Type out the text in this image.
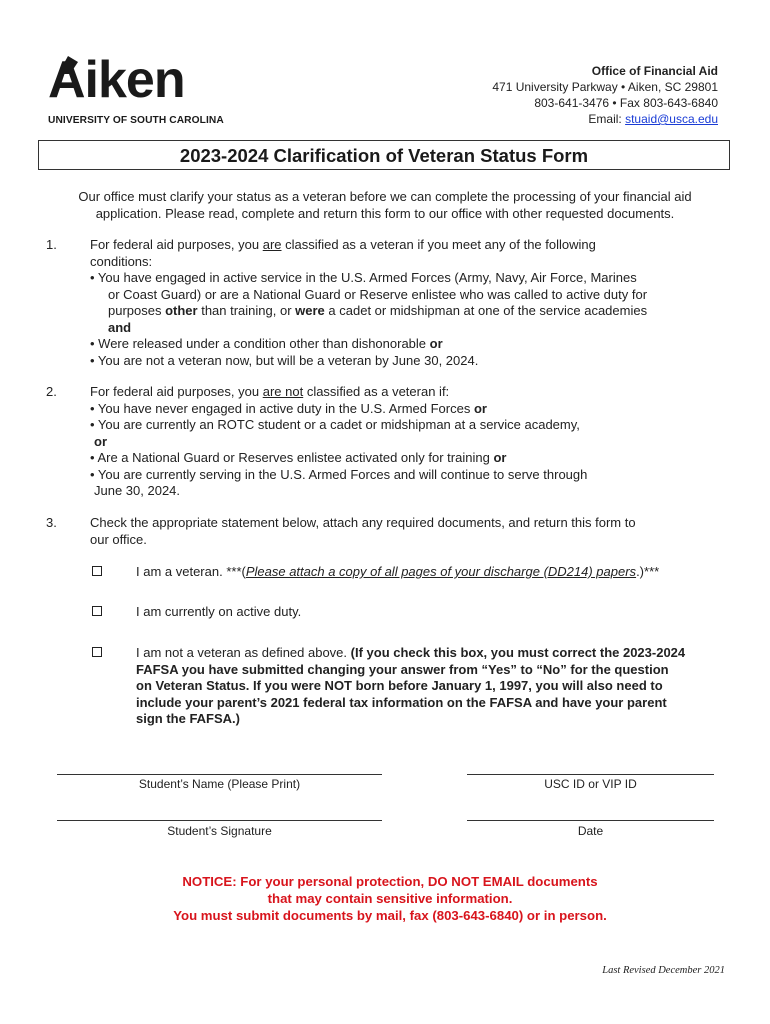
Aiken
UNIVERSITY OF SOUTH CAROLINA
Office of Financial Aid
471 University Parkway • Aiken, SC 29801
803-641-3476 • Fax 803-643-6840
Email: stuaid@usca.edu
2023-2024 Clarification of Veteran Status Form
Our office must clarify your status as a veteran before we can complete the processing of your financial aid application. Please read, complete and return this form to our office with other requested documents.
1.	For federal aid purposes, you are classified as a veteran if you meet any of the following
conditions:
• You have engaged in active service in the U.S. Armed Forces (Army, Navy, Air Force, Marines
or Coast Guard) or are a National Guard or Reserve enlistee who was called to active duty for
purposes other than training, or were a cadet or midshipman at one of the service academies
and
• Were released under a condition other than dishonorable or
• You are not a veteran now, but will be a veteran by June 30, 2024.
2.	For federal aid purposes, you are not classified as a veteran if:
• You have never engaged in active duty in the U.S. Armed Forces or
• You are currently an ROTC student or a cadet or midshipman at a service academy,
or
• Are a National Guard or Reserves enlistee activated only for training or
• You are currently serving in the U.S. Armed Forces and will continue to serve through
June 30, 2024.
3.	Check the appropriate statement below, attach any required documents, and return this form to
our office.
I am a veteran. ***(Please attach a copy of all pages of your discharge (DD214) papers.)***
I am currently on active duty.
I am not a veteran as defined above. (If you check this box, you must correct the 2023-2024
FAFSA you have submitted changing your answer from “Yes” to “No” for the question
on Veteran Status. If you were NOT born before January 1, 1997, you will also need to
include your parent’s 2021 federal tax information on the FAFSA and have your parent
sign the FAFSA.)
Student’s Name (Please Print)	USC ID or VIP ID
Student’s Signature	Date
NOTICE: For your personal protection, DO NOT EMAIL documents
that may contain sensitive information.
You must submit documents by mail, fax (803-643-6840) or in person.
Last Revised December 2021
